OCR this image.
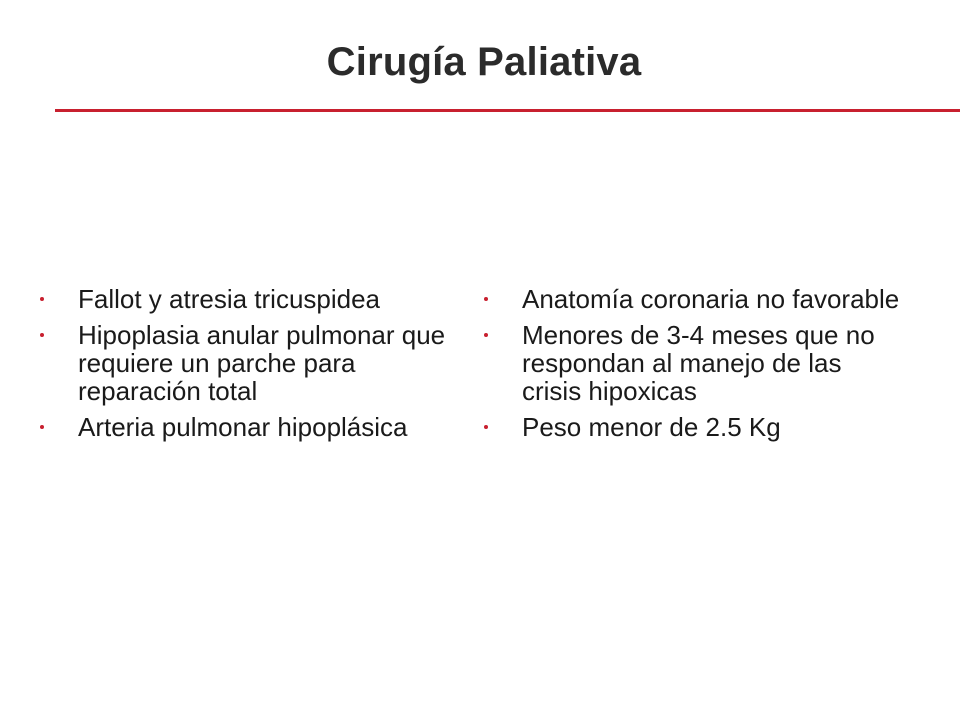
Cirugía Paliativa
Fallot y atresia tricuspidea
Hipoplasia anular pulmonar que requiere un parche para reparación total
Arteria pulmonar hipoplásica
Anatomía coronaria no favorable
Menores de 3-4 meses que no respondan al manejo de las crisis hipoxicas
Peso menor de 2.5 Kg
